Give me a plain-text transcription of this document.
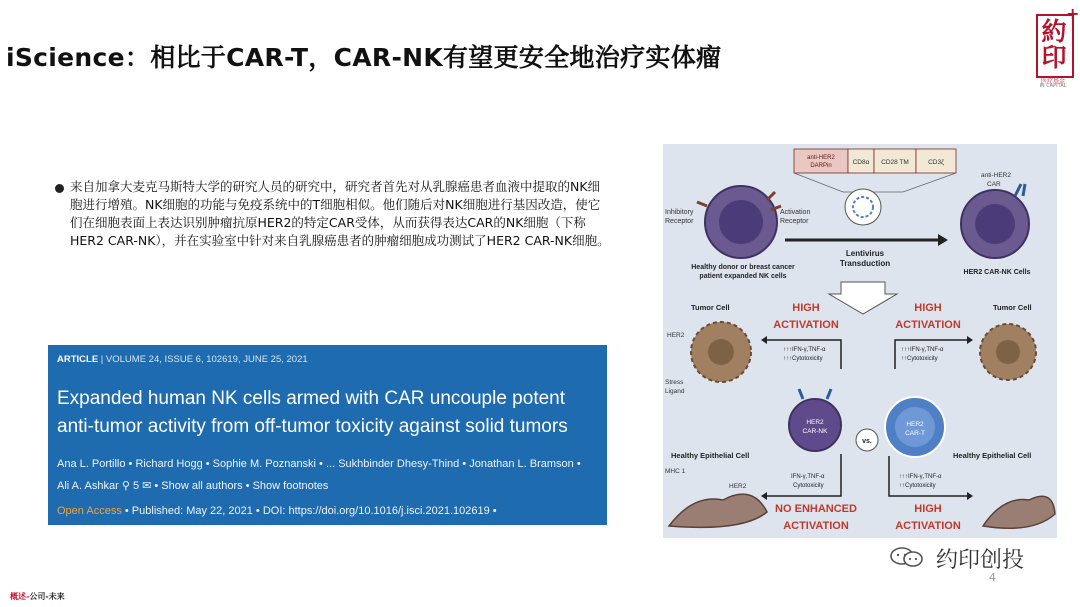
iScience：相比于CAR-T，CAR-NK有望更安全地治疗实体瘤
+
約
印
医疗基金
IN CAPITAL
来自加拿大麦克马斯特大学的研究人员的研究中，研究者首先对从乳腺癌患者血液中提取的NK细胞进行增殖。NK细胞的功能与免疫系统中的T细胞相似。他们随后对NK细胞进行基因改造，使它们在细胞表面上表达识别肿瘤抗原HER2的特定CAR受体，从而获得表达CAR的NK细胞（下称HER2 CAR-NK），并在实验室中针对来自乳腺癌患者的肿瘤细胞成功测试了HER2 CAR-NK细胞。
ARTICLE | VOLUME 24, ISSUE 6, 102619, JUNE 25, 2021
Expanded human NK cells armed with CAR uncouple potent anti-tumor activity from off-tumor toxicity against solid tumors
Ana L. Portillo • Richard Hogg • Sophie M. Poznanski • ... Sukhbinder Dhesy-Thind • Jonathan L. Bramson •
Ali A. Ashkar ⚲ 5 ✉ • Show all authors • Show footnotes
Open Access • Published: May 22, 2021 • DOI: https://doi.org/10.1016/j.isci.2021.102619 •
anti-HER2
DARPin	CD8α CD28 TM	CD3ζ
Inhibitory
Receptor
Activation
Receptor
Lentivirus
Transduction
Healthy donor or breast cancer
patient expanded NK cells
anti-HER2
CAR
HER2 CAR-NK Cells
Tumor Cell	Tumor Cell
HER2
Stress
Ligand
HIGH
ACTIVATION
HIGH
ACTIVATION
↑↑↑IFN-γ,TNF-α
↑↑↑Cytotoxicity
↑↑↑IFN-γ,TNF-α
↑↑Cytotoxicity
HER2
CAR-NK
vs.
HER2
CAR-T
Healthy Epithelial Cell	Healthy Epithelial Cell
MHC 1
HER2
IFN-γ,TNF-α
Cytotoxicity
↑↑↑IFN-γ,TNF-α
↑↑Cytotoxicity
NO ENHANCED
ACTIVATION
HIGH
ACTIVATION
约印创投
4
概述-公司-未来
